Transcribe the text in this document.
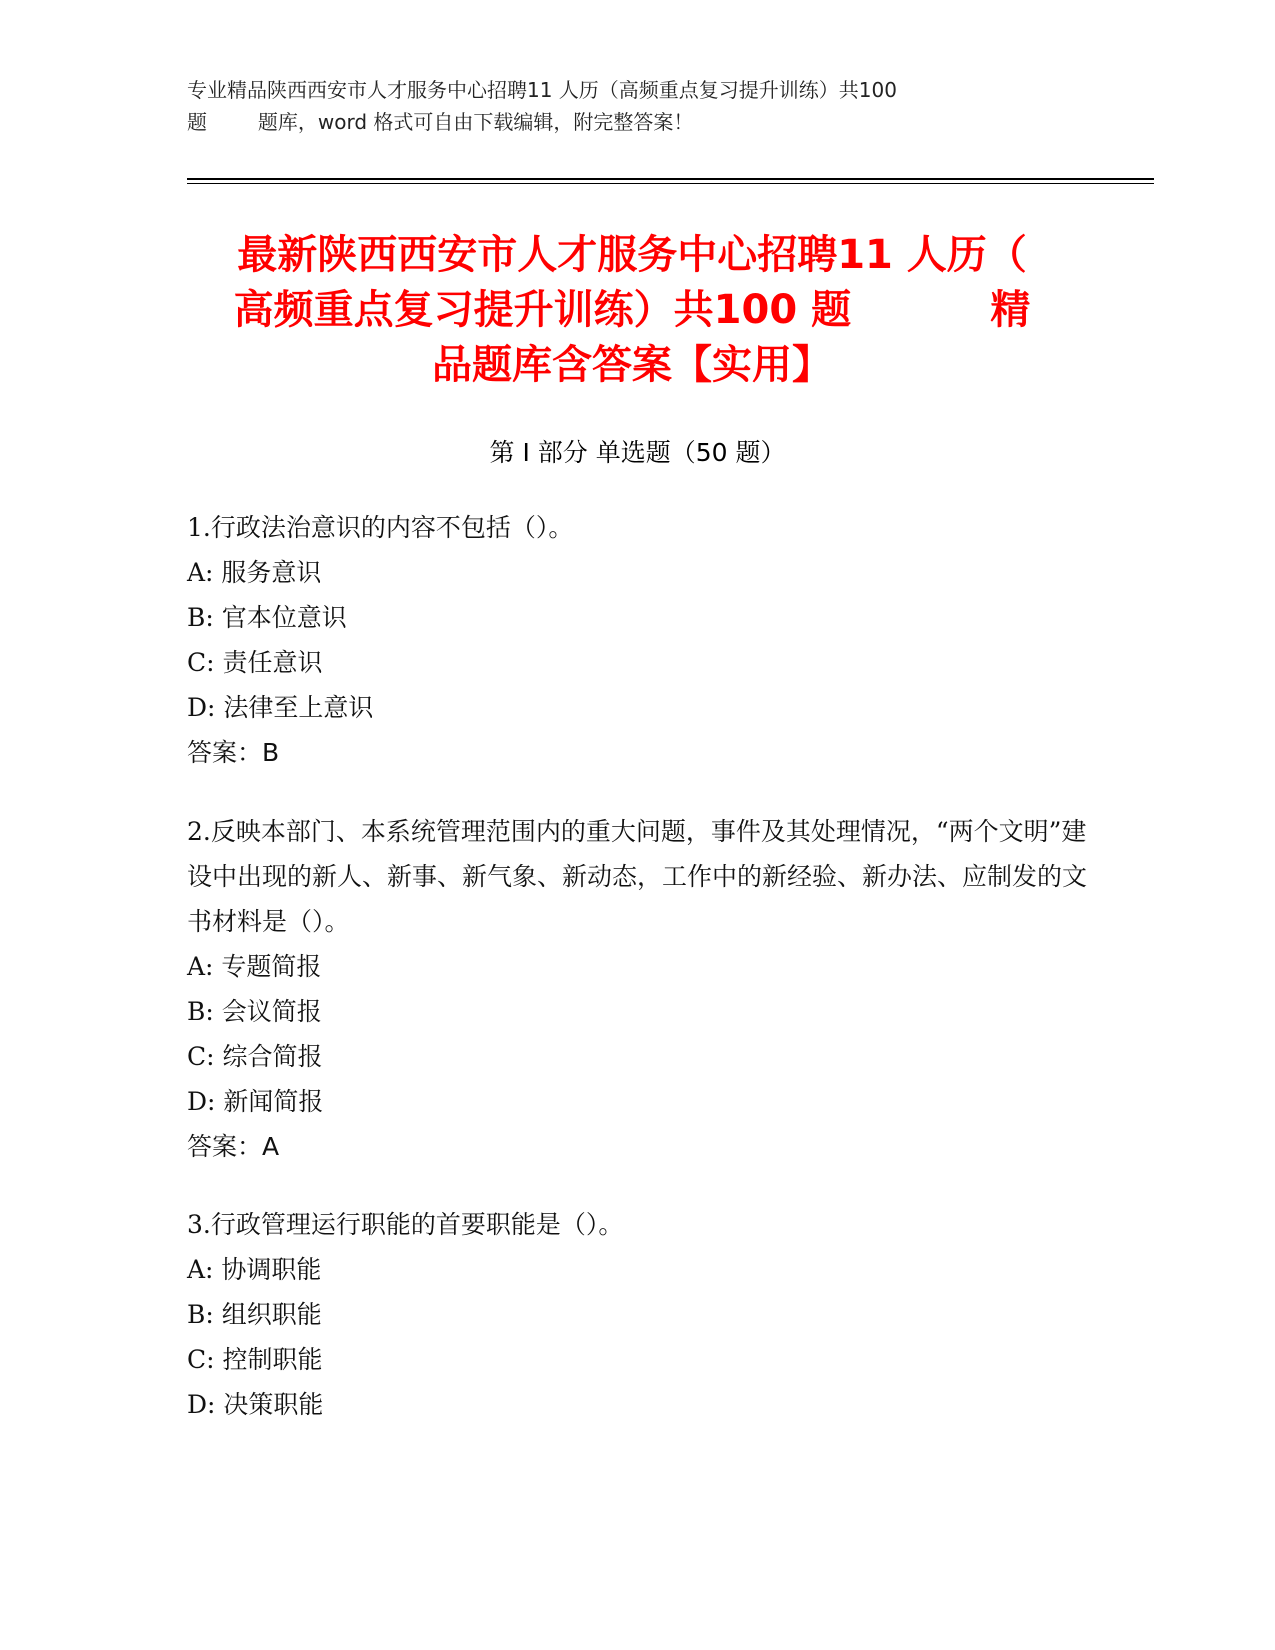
专业精品陕西西安市人才服务中心招聘11 人历（高频重点复习提升训练）共100
题        题库，word 格式可自由下载编辑，附完整答案！
最新陕西西安市人才服务中心招聘11 人历（
高频重点复习提升训练）共100 题          精
品题库含答案【实用】
第 I 部分 单选题（50 题）
1.行政法治意识的内容不包括（）。
A: 服务意识
B: 官本位意识
C: 责任意识
D: 法律至上意识
答案：B
2.反映本部门、本系统管理范围内的重大问题，事件及其处理情况，“两个文明”建设中出现的新人、新事、新气象、新动态，工作中的新经验、新办法、应制发的文书材料是（）。
A: 专题简报
B: 会议简报
C: 综合简报
D: 新闻简报
答案：A
3.行政管理运行职能的首要职能是（）。
A: 协调职能
B: 组织职能
C: 控制职能
D: 决策职能
